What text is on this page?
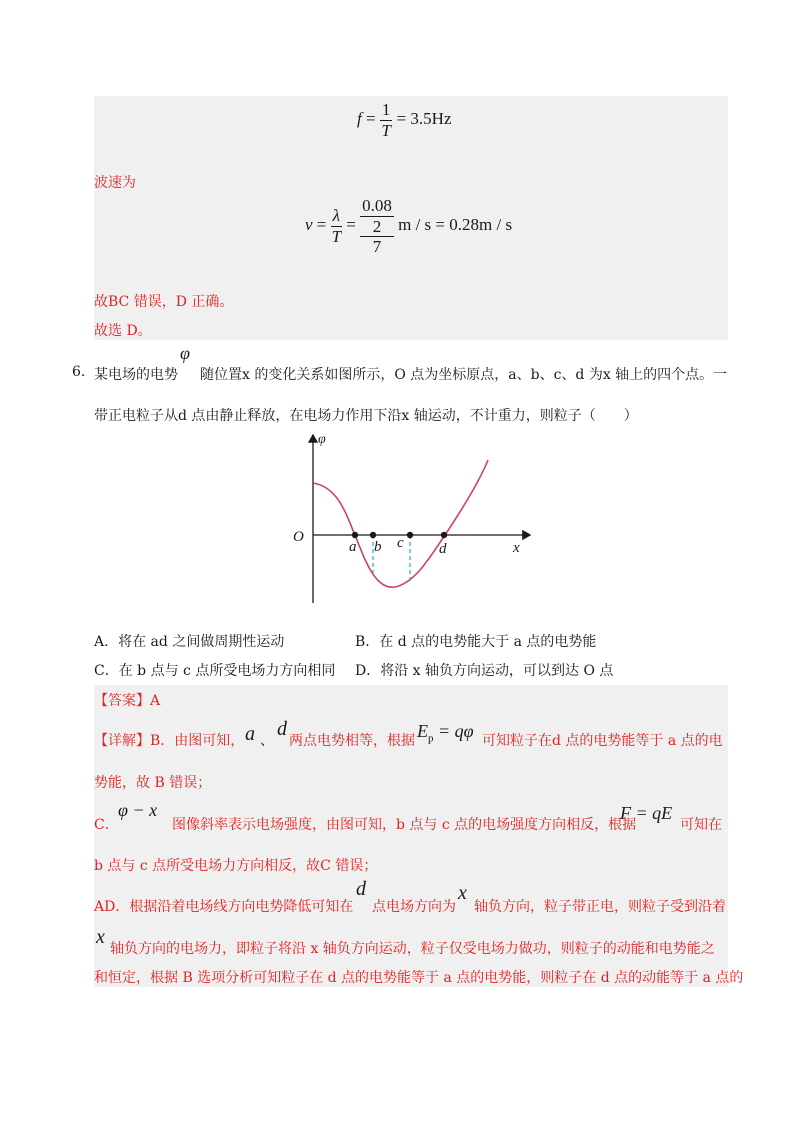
$f = \frac{1}{T} = 3.5Hz$
波速为
$v = \frac{\lambda}{T} = 0.08$
2
7 m / s = 0.28m / s
故BC 错误，D 正确。
故选 D。
6. 某电场的电势
φ
随位置x 的变化关系如图所示，O 点为坐标原点，a、b、c、d 为x 轴上的四个点。一
带正电粒子从d 点由静止释放，在电场力作用下沿x 轴运动，不计重力，则粒子（　　）
φ
x
O
a b c d
A．将在 ad 之间做周期性运动	B．在 d 点的电势能大于 a 点的电势能
C．在 b 点与 c 点所受电场力方向相同 D．将沿 x 轴负方向运动，可以到达 O 点
【答案】A
【详解】B．由图可知， a 、
d
两点电势相等，根据 $E_p = q\varphi$ 可知粒子在d 点的电势能等于 a 点的电
势能，故 B 错误；
C．
φ − x
图像斜率表示电场强度，由图可知，b 点与 c 点的电场强度方向相反，根据
F = qE
可知在
b 点与 c 点所受电场力方向相反，故C 错误；
AD．根据沿着电场线方向电势降低可知在
d
点电场方向为
x
轴负方向，粒子带正电，则粒子受到沿着
x
轴负方向的电场力，即粒子将沿 x 轴负方向运动，粒子仅受电场力做功，则粒子的动能和电势能之
和恒定，根据 B 选项分析可知粒子在 d 点的电势能等于 a 点的电势能，则粒子在 d 点的动能等于 a 点的
